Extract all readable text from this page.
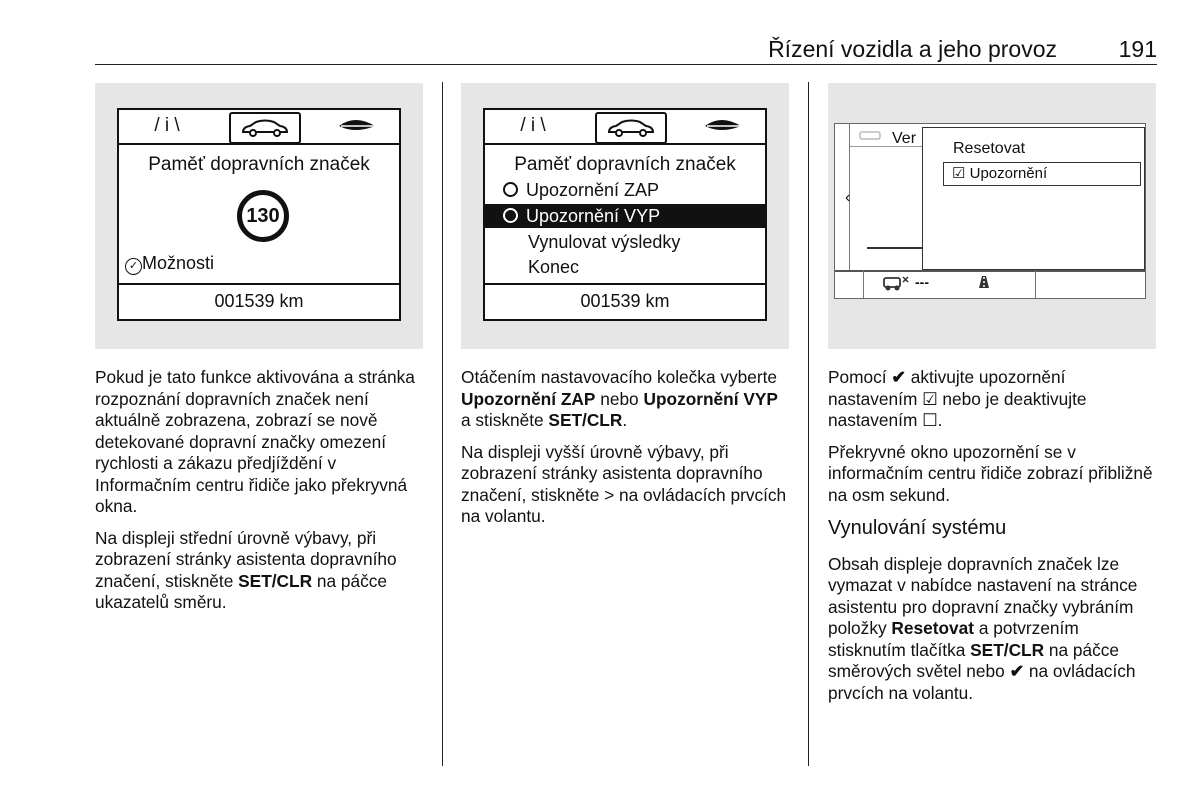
Řízení vozidla a jeho provoz	191
/ i \
Paměť dopravních značek
130
✓ Možnosti
001539 km
/ i \
Paměť dopravních značek
Upozornění ZAP
Upozornění VYP
Vynulovat výsledky
Konec
001539 km
‹
Ver
Resetovat
☑ Upozornění
---

Pokud je tato funkce aktivována a stránka rozpoznání dopravních značek není aktuálně zobrazena, zobrazí se nově detekované dopravní značky omezení rychlosti a zákazu předjíždění v Informačním centru řidiče jako překryvná okna.

Na displeji střední úrovně výbavy, při zobrazení stránky asistenta dopravního značení, stiskněte SET/CLR na páčce ukazatelů směru.

Otáčením nastavovacího kolečka vyberte Upozornění ZAP nebo Upozornění VYP a stiskněte SET/CLR.

Na displeji vyšší úrovně výbavy, při zobrazení stránky asistenta dopravního značení, stiskněte > na ovládacích prvcích na volantu.

Pomocí ✔ aktivujte upozornění nastavením ☑ nebo je deaktivujte nastavením ☐.

Překryvné okno upozornění se v informačním centru řidiče zobrazí přibližně na osm sekund.

Vynulování systému

Obsah displeje dopravních značek lze vymazat v nabídce nastavení na stránce asistentu pro dopravní značky vybráním položky Resetovat a potvrzením stisknutím tlačítka SET/CLR na páčce směrových světel nebo ✔ na ovládacích prvcích na volantu.
